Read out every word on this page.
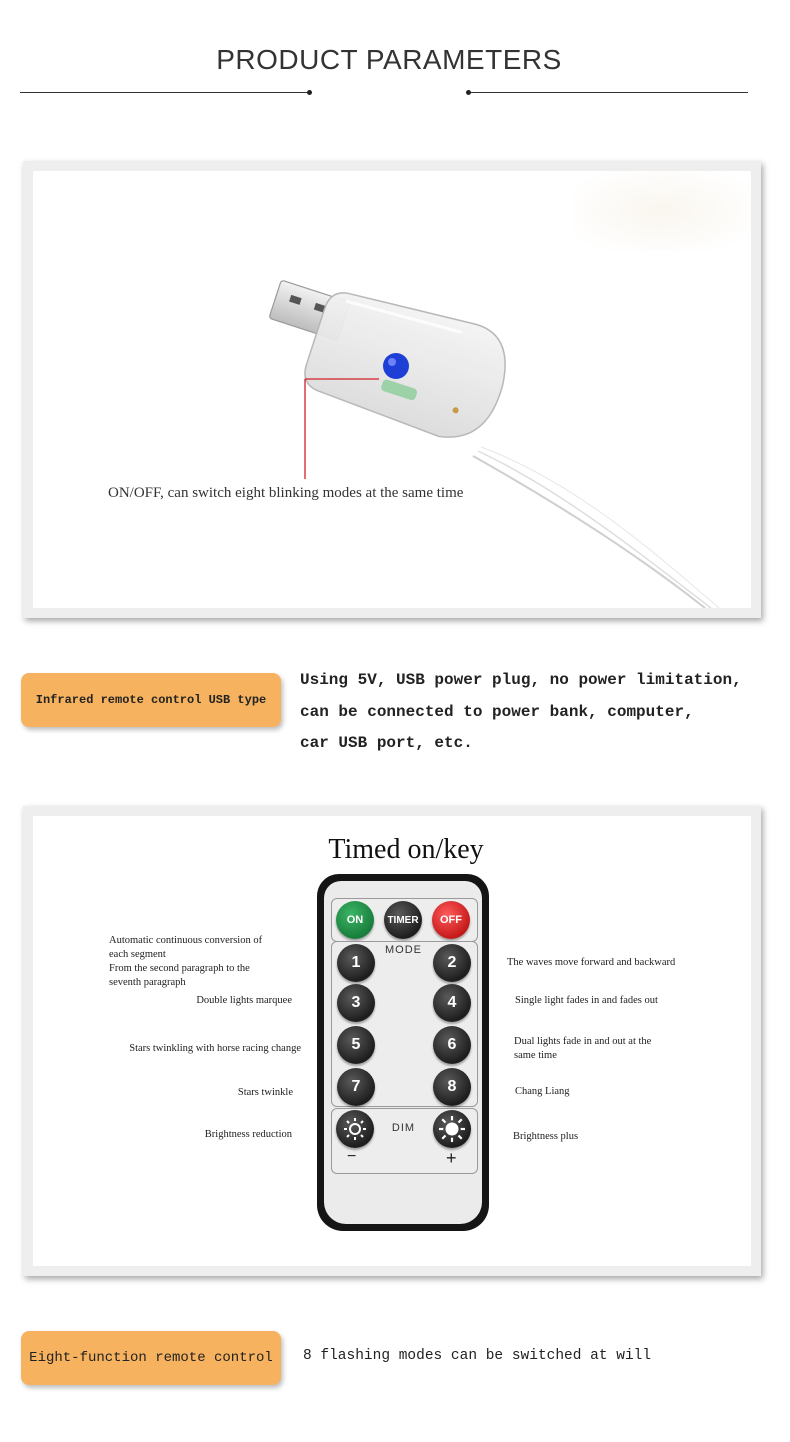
PRODUCT PARAMETERS
ON/OFF, can switch eight blinking modes at the same time
Infrared remote control USB type
Using 5V, USB power plug, no power limitation,
can be connected to power bank, computer,
car USB port, etc.
Timed on/key
ON	TIMER	OFF
MODE
1	2
3	4
5	6
7	8
DIM
−	+
Automatic continuous conversion of
each segment
From the second paragraph to the
seventh paragraph
Double lights marquee
Stars twinkling with horse racing change
Stars twinkle
Brightness reduction
The waves move forward and backward
Single light fades in and fades out
Dual lights fade in and out at the
same time
Chang Liang
Brightness plus
Eight-function remote control 8 flashing modes can be switched at will
